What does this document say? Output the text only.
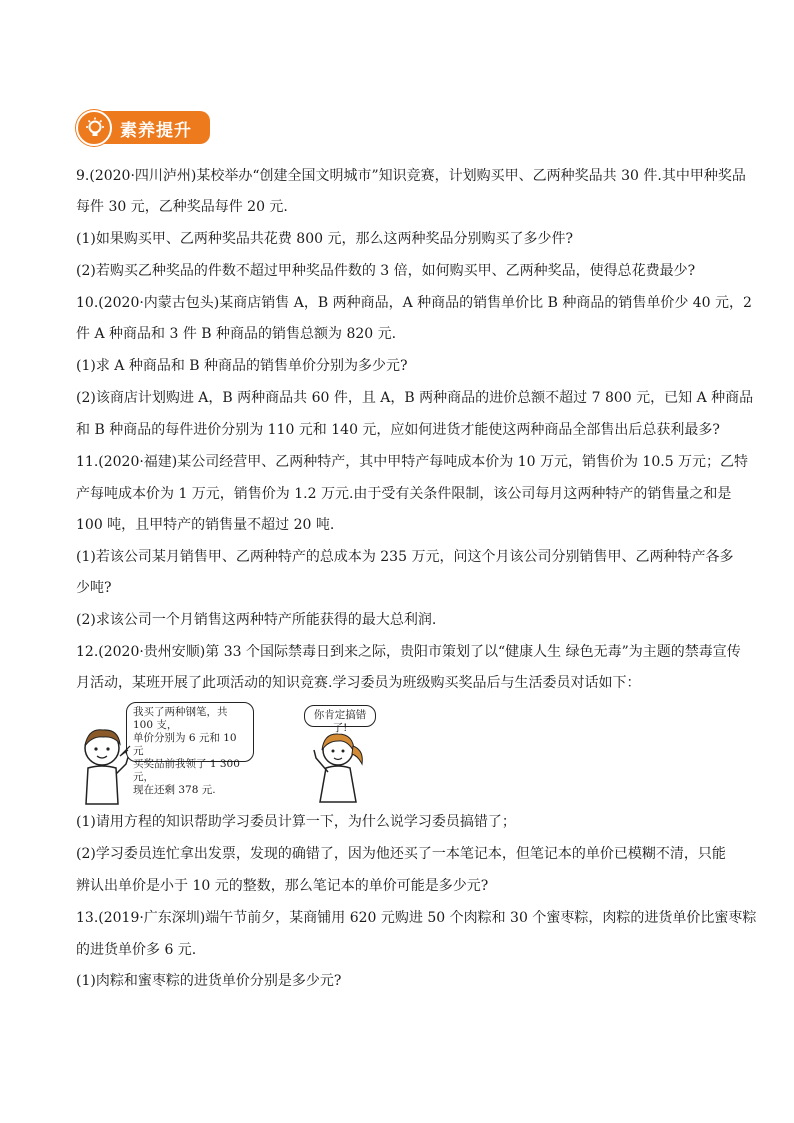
素养提升
9.(2020·四川泸州)某校举办“创建全国文明城市”知识竞赛，计划购买甲、乙两种奖品共 30 件.其中甲种奖品
每件 30 元，乙种奖品每件 20 元.
(1)如果购买甲、乙两种奖品共花费 800 元，那么这两种奖品分别购买了多少件?
(2)若购买乙种奖品的件数不超过甲种奖品件数的 3 倍，如何购买甲、乙两种奖品，使得总花费最少?
10.(2020·内蒙古包头)某商店销售 A，B 两种商品，A 种商品的销售单价比 B 种商品的销售单价少 40 元，2
件 A 种商品和 3 件 B 种商品的销售总额为 820 元.
(1)求 A 种商品和 B 种商品的销售单价分别为多少元?
(2)该商店计划购进 A，B 两种商品共 60 件，且 A，B 两种商品的进价总额不超过 7 800 元，已知 A 种商品
和 B 种商品的每件进价分别为 110 元和 140 元，应如何进货才能使这两种商品全部售出后总获利最多?
11.(2020·福建)某公司经营甲、乙两种特产，其中甲特产每吨成本价为 10 万元，销售价为 10.5 万元；乙特
产每吨成本价为 1 万元，销售价为 1.2 万元.由于受有关条件限制，该公司每月这两种特产的销售量之和是
100 吨，且甲特产的销售量不超过 20 吨.
(1)若该公司某月销售甲、乙两种特产的总成本为 235 万元，问这个月该公司分别销售甲、乙两种特产各多
少吨?
(2)求该公司一个月销售这两种特产所能获得的最大总利润.
12.(2020·贵州安顺)第 33 个国际禁毒日到来之际，贵阳市策划了以“健康人生 绿色无毒”为主题的禁毒宣传
月活动，某班开展了此项活动的知识竞赛.学习委员为班级购买奖品后与生活委员对话如下：
我买了两种钢笔，共 100 支，
单价分别为 6 元和 10 元
买奖品前我领了 1 300 元，
现在还剩 378 元.
你肯定搞错了!
(1)请用方程的知识帮助学习委员计算一下，为什么说学习委员搞错了；
(2)学习委员连忙拿出发票，发现的确错了，因为他还买了一本笔记本，但笔记本的单价已模糊不清，只能
辨认出单价是小于 10 元的整数，那么笔记本的单价可能是多少元?
13.(2019·广东深圳)端午节前夕，某商铺用 620 元购进 50 个肉粽和 30 个蜜枣粽，肉粽的进货单价比蜜枣粽
的进货单价多 6 元.
(1)肉粽和蜜枣粽的进货单价分别是多少元?
